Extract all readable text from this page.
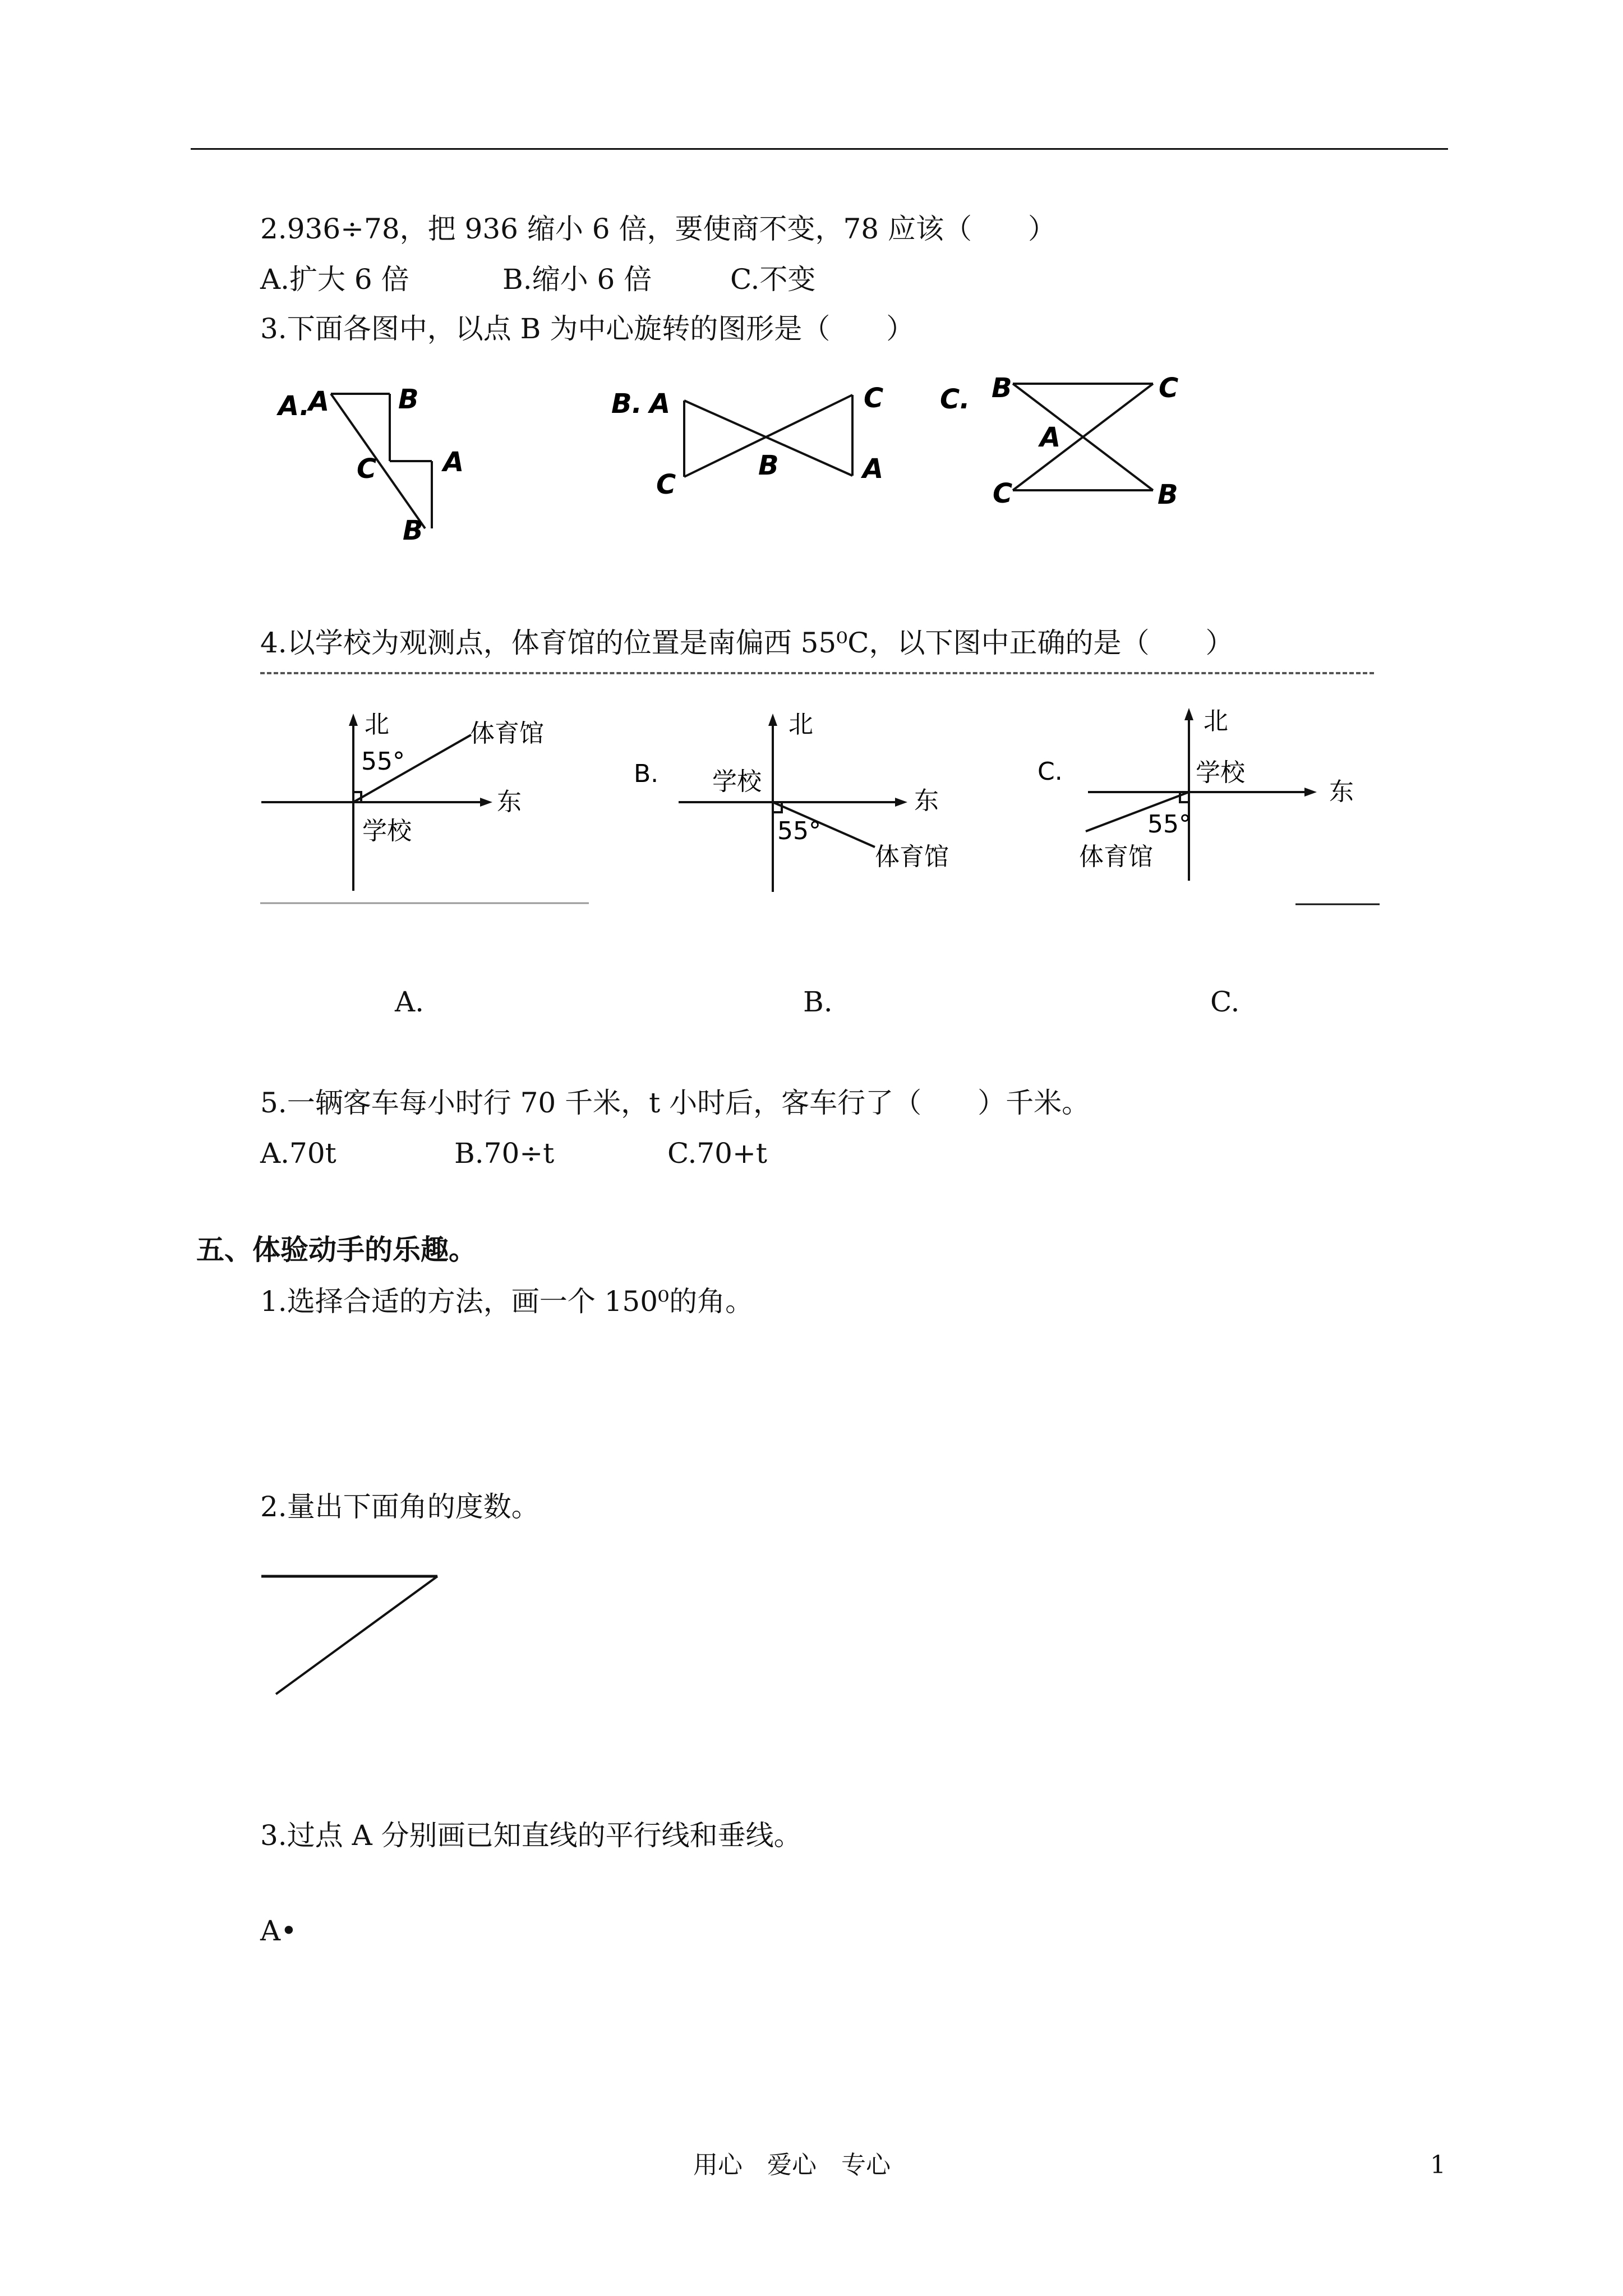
2.936÷78，把 936 缩小 6 倍，要使商不变，78 应该（　　）
A.扩大 6 倍	B.缩小 6 倍	C.不变
3.下面各图中，以点 B 为中心旋转的图形是（　　）
A.
A	B
C A
B
B. A	C
B
C	A
C. B	C
A
C	B
4.以学校为观测点，体育馆的位置是南偏西 55⁰C，以下图中正确的是（　　）
北	体育馆
55°
东
学校
B.
北
学校
东
55°
体育馆
C.
北
学校
东
55°
体育馆
A.	B.	C.
5.一辆客车每小时行 70 千米，t 小时后，客车行了（　　）千米。
A.70t	B.70÷t	C.70+t
五、体验动手的乐趣。
1.选择合适的方法，画一个 150⁰的角。
2.量出下面角的度数。
3.过点 A 分别画已知直线的平行线和垂线。
A•
用心　爱心　专心	1
